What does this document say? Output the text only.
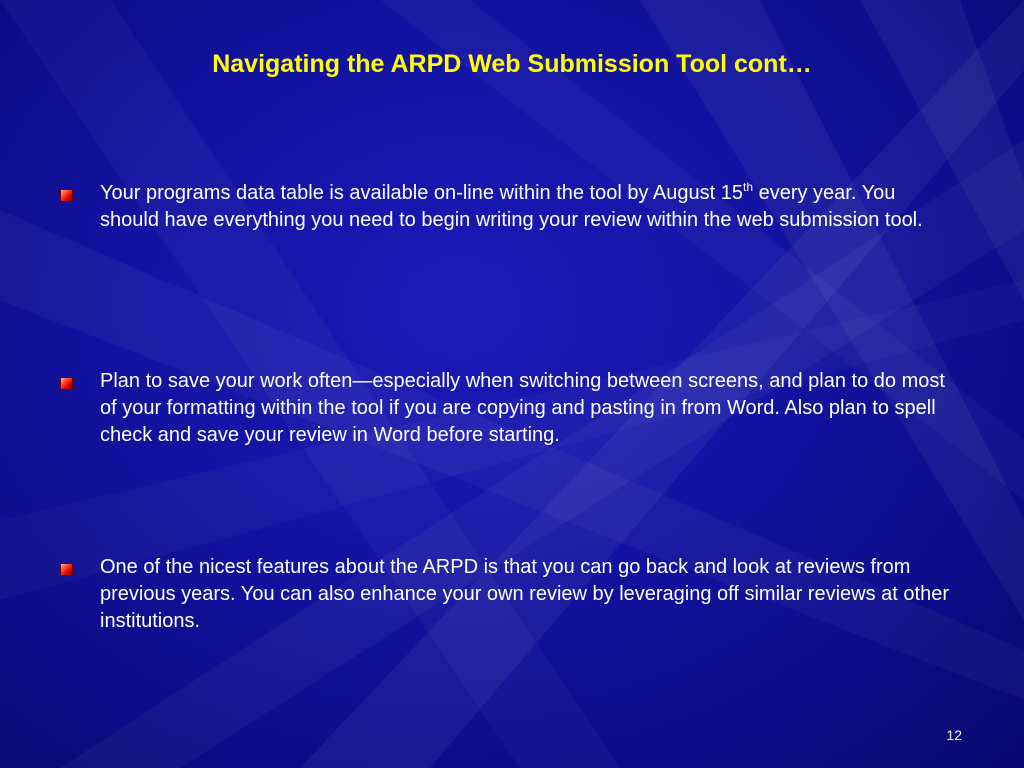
Navigating the ARPD Web Submission Tool cont…
Your programs data table is available on-line within the tool by August 15th every year. You should have everything you need to begin writing your review within the web submission tool.
Plan to save your work often—especially when switching between screens, and plan to do most of your formatting within the tool if you are copying and pasting in from Word. Also plan to spell check and save your review in Word before starting.
One of the nicest features about the ARPD is that you can go back and look at reviews from previous years. You can also enhance your own review by leveraging off similar reviews at other institutions.
12
